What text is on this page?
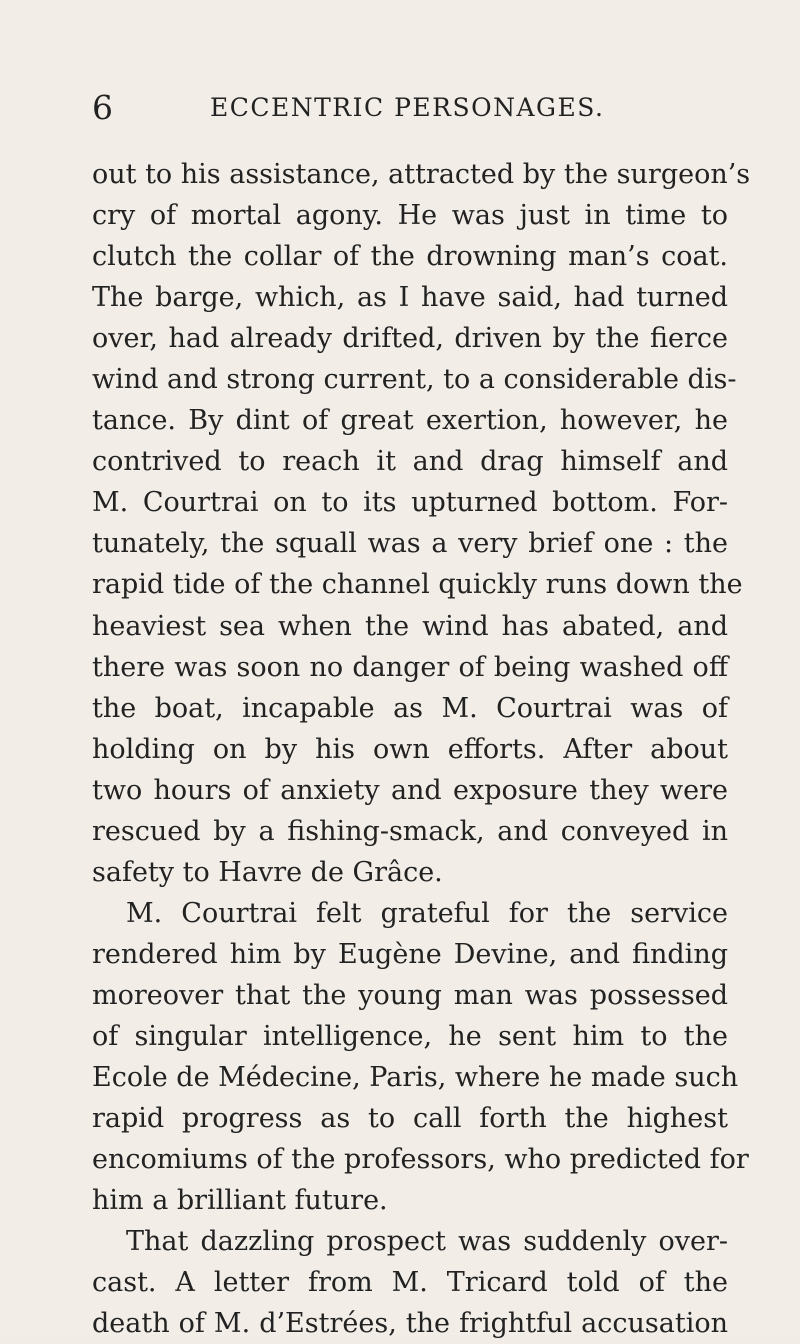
6	ECCENTRIC PERSONAGES.
out to his assistance, attracted by the surgeon’s
cry of mortal agony. He was just in time to
clutch the collar of the drowning man’s coat.
The barge, which, as I have said, had turned
over, had already drifted, driven by the fierce
wind and strong current, to a considerable dis-
tance. By dint of great exertion, however, he
contrived to reach it and drag himself and
M. Courtrai on to its upturned bottom. For-
tunately, the squall was a very brief one : the
rapid tide of the channel quickly runs down the
heaviest sea when the wind has abated, and
there was soon no danger of being washed off
the boat, incapable as M. Courtrai was of
holding on by his own efforts. After about
two hours of anxiety and exposure they were
rescued by a fishing-smack, and conveyed in
safety to Havre de Grâce.
M. Courtrai felt grateful for the service
rendered him by Eugène Devine, and finding
moreover that the young man was possessed
of singular intelligence, he sent him to the
Ecole de Médecine, Paris, where he made such
rapid progress as to call forth the highest
encomiums of the professors, who predicted for
him a brilliant future.
That dazzling prospect was suddenly over-
cast. A letter from M. Tricard told of the
death of M. d’Estrées, the frightful accusation
